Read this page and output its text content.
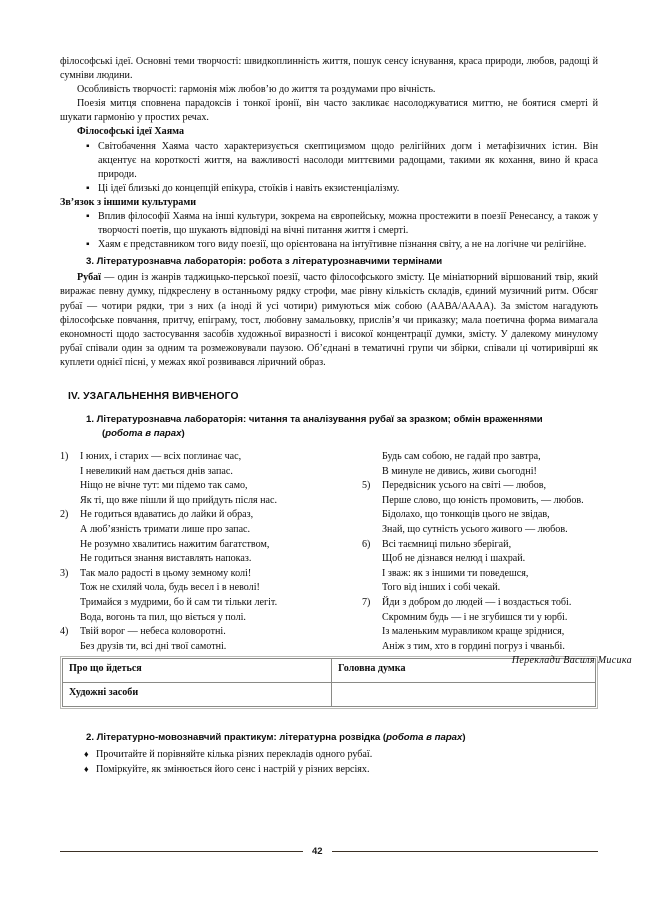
філософські ідеї. Основні теми творчості: швидкоплинність життя, пошук сенсу існування, краса природи, любов, радощі й сумніви людини.

Особливість творчості: гармонія між любов’ю до життя та роздумами про вічність.

Поезія митця сповнена парадоксів і тонкої іронії, він часто закликає насолоджуватися миттю, не боятися смерті й шукати гармонію у простих речах.

Філософські ідеї Хаяма

▪ Світобачення Хаяма часто характеризується скептицизмом щодо релігійних догм і метафізичних істин. Він акцентує на короткості життя, на важливості насолоди миттєвими радощами, такими як кохання, вино й краса природи.
▪ Ці ідеї близькі до концепцій епікура, стоїків і навіть екзистенціалізму.

Зв’язок з іншими культурами

▪ Вплив філософії Хаяма на інші культури, зокрема на європейську, можна простежити в поезії Ренесансу, а також у творчості поетів, що шукають відповіді на вічні питання життя і смерті.
▪ Хаям є представником того виду поезії, що орієнтована на інтуїтивне пізнання світу, а не на логічне чи релігійне.

3. Літературознавча лабораторія: робота з літературознавчими термінами

Рубаї — один із жанрів таджицько-перської поезії, часто філософського змісту. Це мініатюрний віршований твір, який виражає певну думку, підкреслену в останньому рядку строфи, має рівну кількість складів, єдиний музичний ритм. Обсяг рубаї — чотири рядки, три з них (а іноді й усі чотири) римуються між собою (ААВА/АААА). За змістом нагадують філософське повчання, притчу, епіграму, тост, любовну замальовку, прислів’я чи приказку; мала поетична форма вимагала економності щодо застосування засобів художньої виразності і високої концентрації думки, змісту. У далекому минулому рубаї співали один за одним та розмежовували паузою. Об’єднані в тематичні групи чи збірки, співали ці чотиривірші як куплети однієї пісні, у межах якої розвивався ліричний образ.

IV. УЗАГАЛЬНЕННЯ ВИВЧЕНОГО

1. Літературознавча лабораторія: читання та аналізування рубаї за зразком; обмін враженнями

(робота в парах)

1) І юних, і старих — всіх поглинає час,
І невеликий нам дається днів запас.
Ніщо не вічне тут: ми підемо так само,
Як ті, що вже пішли й що прийдуть після нас.
2) Не годиться вдаватись до лайки й образ,
А люб’язність тримати лише про запас.
Не розумно хвалитись нажитим багатством,
Не годиться знання виставлять напоказ.
3) Так мало радості в цьому земному колі!
Тож не схиляй чола, будь весел і в неволі!
Тримайся з мудрими, бо й сам ти тільки легіт.
Вода, вогонь та пил, що віється у полі.
4) Твій ворог — небеса коловоротні.
Без друзів ти, всі дні твої самотні.
Будь сам собою, не гадай про завтра,
В минуле не дивись, живи сьогодні!
5) Передвісник усього на світі — любов,
Перше слово, що юність промовить, — любов.
Бідолахо, що тонкощів цього не звідав,
Знай, що сутність усього живого — любов.
6) Всі таємниці пильно зберігай,
Щоб не дізнався нелюд і шахрай.
І зваж: як з іншими ти поведешся,
Того від інших і собі чекай.
7) Йди з добром до людей — і воздасться тобі.
Скромним будь — і не згубишся ти у юрбі.
Із маленьким муравликом краще зріднися,
Аніж з тим, хто в гордині погруз і чваньбі.
Переклади Василя Мисика
Про що йдеться	Головна думка
Художні засоби	

2. Літературно-мовознавчий практикум: літературна розвідка (робота в парах)

♦ Прочитайте й порівняйте кілька різних перекладів одного рубаї.
♦ Поміркуйте, як змінюється його сенс і настрій у різних версіях.
42
